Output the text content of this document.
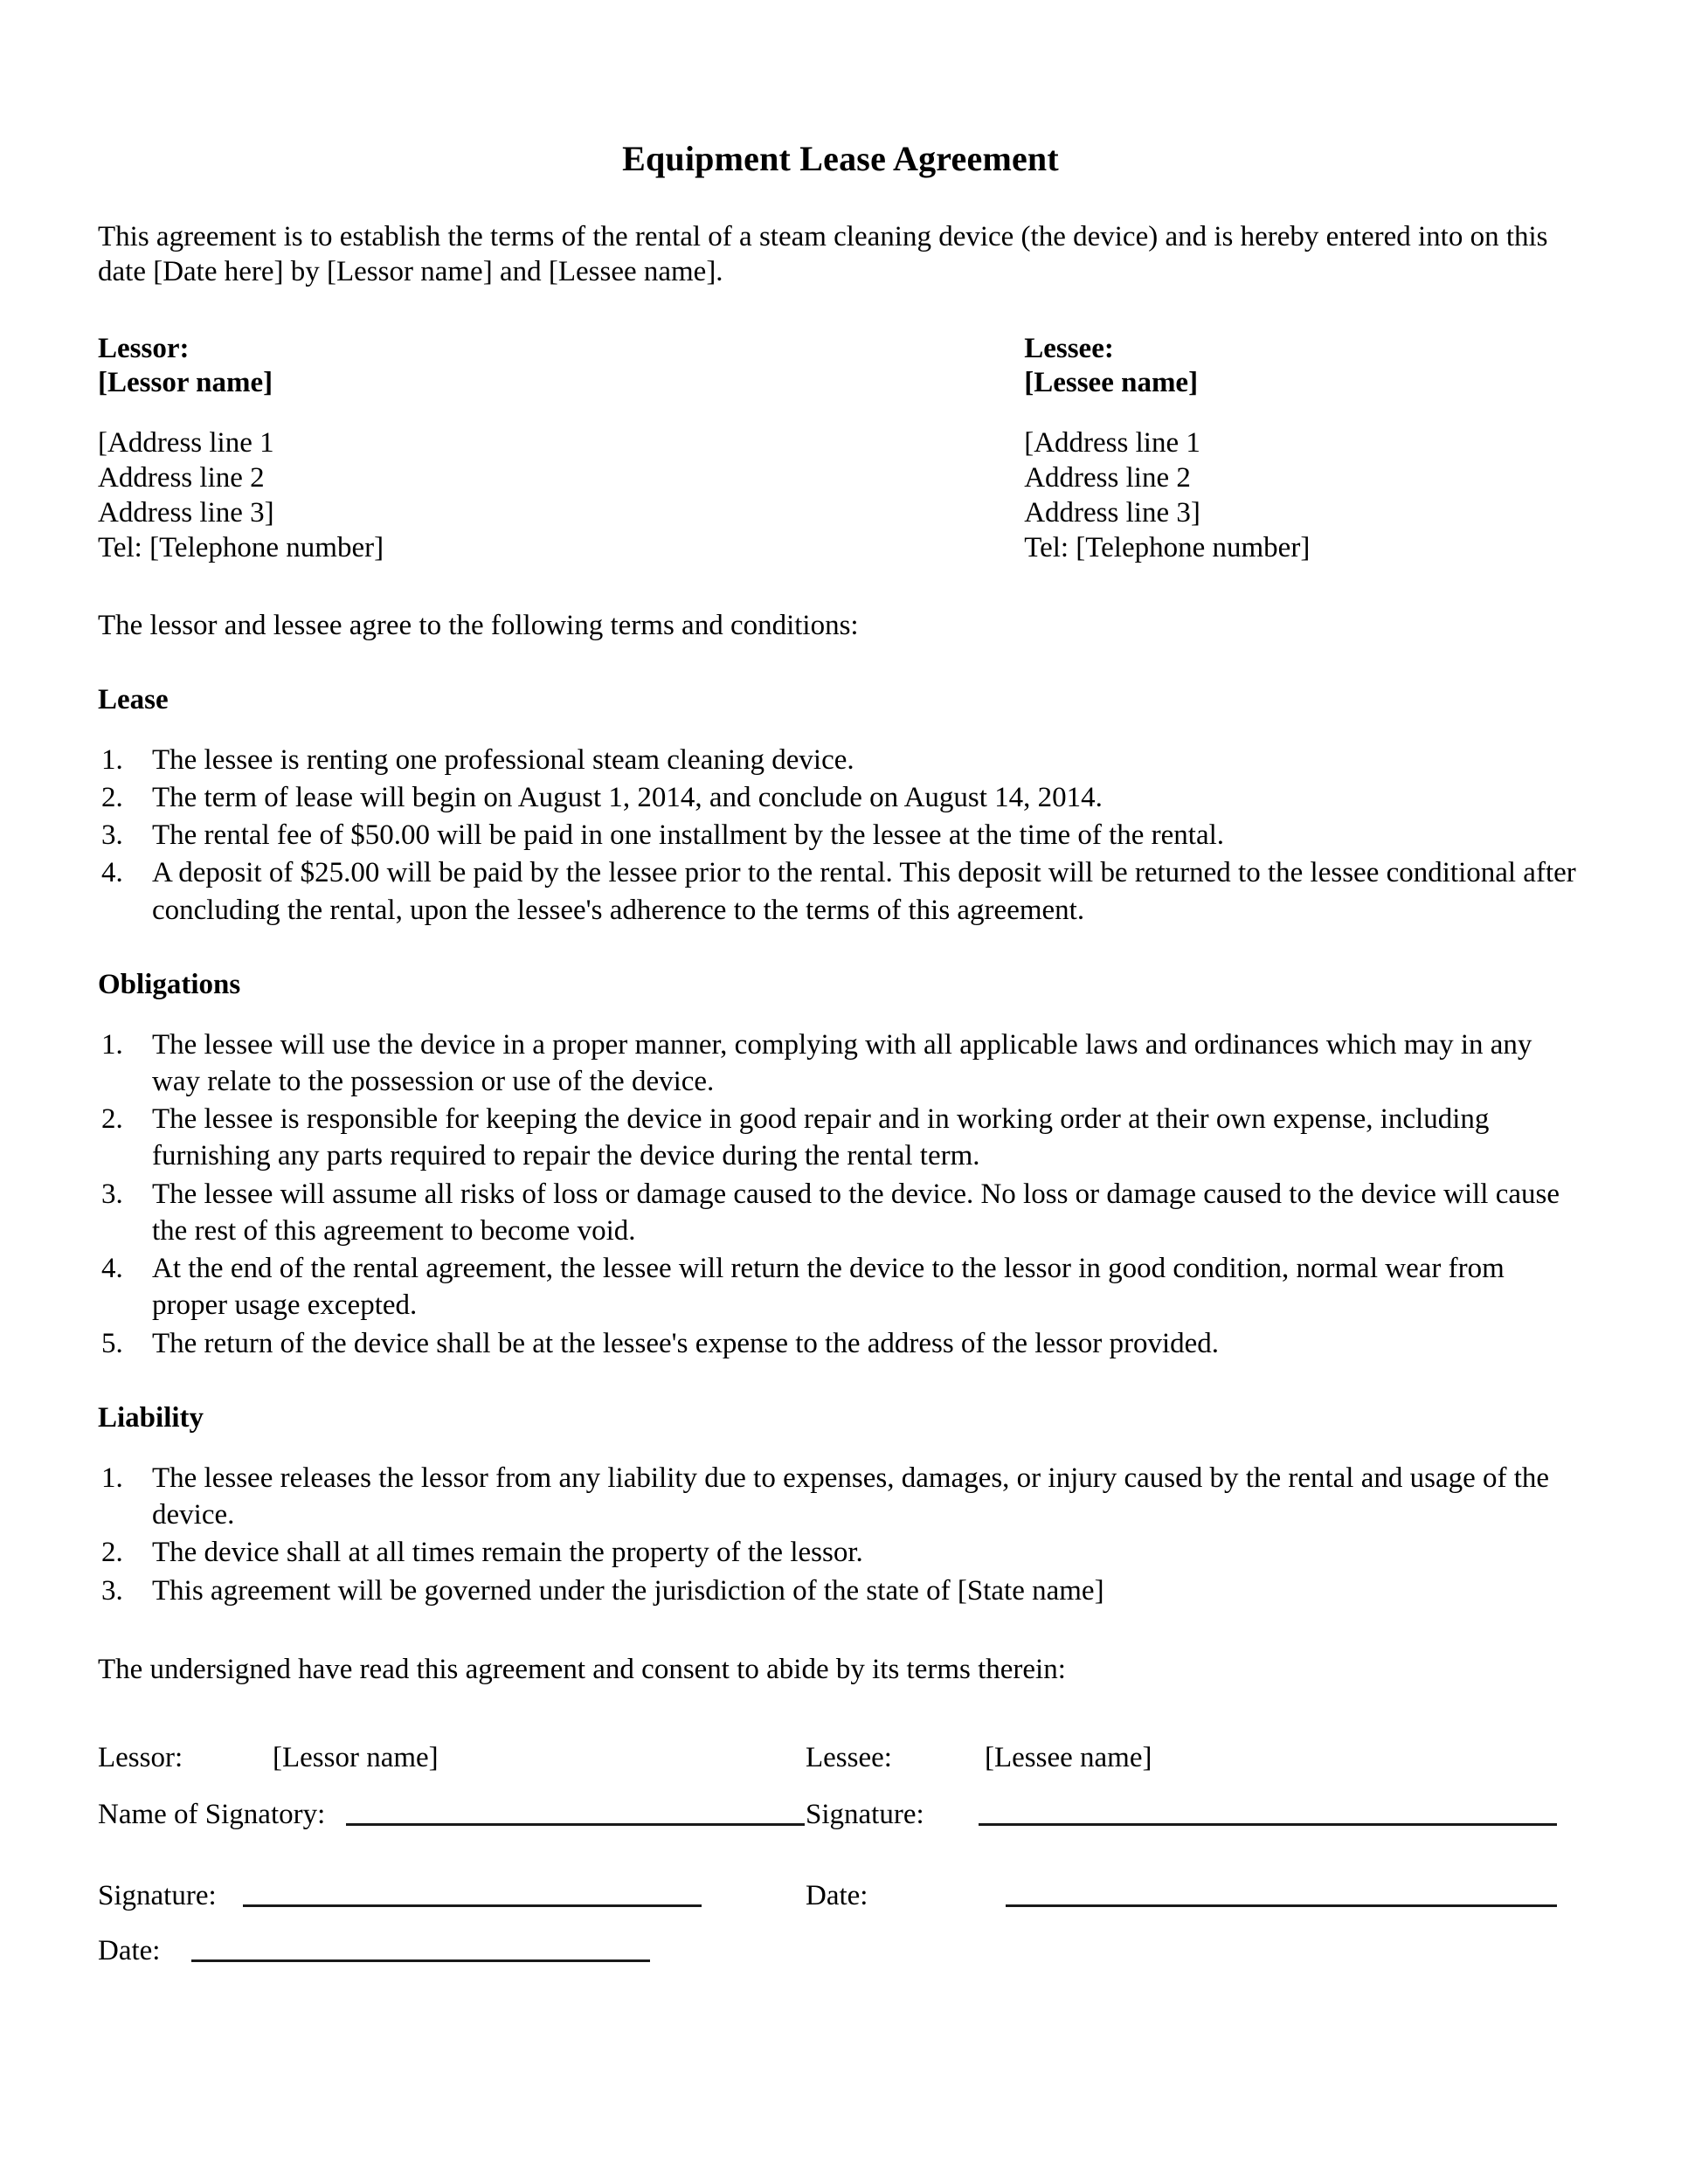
Equipment Lease Agreement

This agreement is to establish the terms of the rental of a steam cleaning device (the device) and is hereby entered into on this date [Date here] by [Lessor name] and [Lessee name].

Lessor:
[Lessor name]
[Address line 1
Address line 2
Address line 3]
Tel: [Telephone number]
Lessee:
[Lessee name]
[Address line 1
Address line 2
Address line 3]
Tel: [Telephone number]

The lessor and lessee agree to the following terms and conditions:

Lease
The lessee is renting one professional steam cleaning device.
The term of lease will begin on August 1, 2014, and conclude on August 14, 2014.
The rental fee of $50.00 will be paid in one installment by the lessee at the time of the rental.
A deposit of $25.00 will be paid by the lessee prior to the rental. This deposit will be returned to the lessee conditional after concluding the rental, upon the lessee's adherence to the terms of this agreement.
Obligations
The lessee will use the device in a proper manner, complying with all applicable laws and ordinances which may in any way relate to the possession or use of the device.
The lessee is responsible for keeping the device in good repair and in working order at their own expense, including furnishing any parts required to repair the device during the rental term.
The lessee will assume all risks of loss or damage caused to the device. No loss or damage caused to the device will cause the rest of this agreement to become void.
At the end of the rental agreement, the lessee will return the device to the lessor in good condition, normal wear from proper usage excepted.
The return of the device shall be at the lessee's expense to the address of the lessor provided.
Liability
The lessee releases the lessor from any liability due to expenses, damages, or injury caused by the rental and usage of the device.
The device shall at all times remain the property of the lessor.
This agreement will be governed under the jurisdiction of the state of [State name]

The undersigned have read this agreement and consent to abide by its terms therein:

Lessor:	[Lessor name]	Lessee:	[Lessee name]
Name of Signatory:	Signature:
Signature:	Date:
Date:
